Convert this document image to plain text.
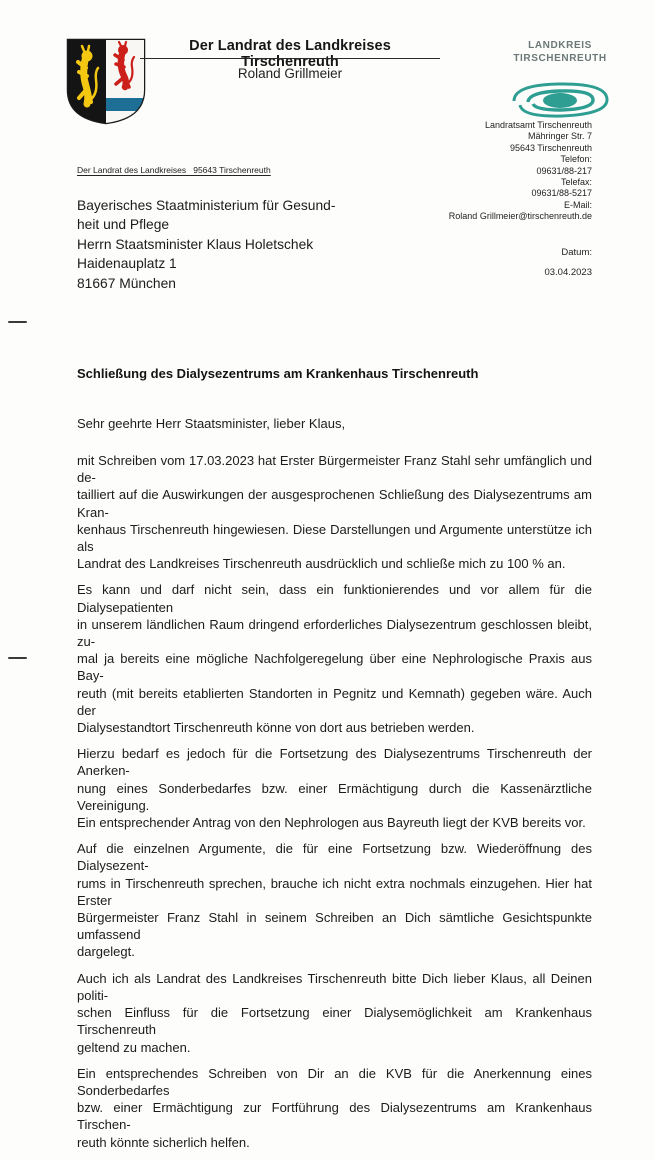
Der Landrat des Landkreises Tirschenreuth
Roland Grillmeier
LANDKREIS
TIRSCHENREUTH
Landratsamt Tirschenreuth
Mähringer Str. 7
95643 Tirschenreuth
Telefon:
09631/88-217
Telefax:
09631/88-5217
E-Mail:
Roland Grillmeier@tirschenreuth.de
Datum:
03.04.2023
Der Landrat des Landkreises   95643 Tirschenreuth
Bayerisches Staatministerium für Gesund-
heit und Pflege
Herrn Staatsminister Klaus Holetschek
Haidenauplatz 1
81667 München
Schließung des Dialysezentrums am Krankenhaus Tirschenreuth
Sehr geehrte Herr Staatsminister, lieber Klaus,
mit Schreiben vom 17.03.2023 hat Erster Bürgermeister Franz Stahl sehr umfänglich und de-
tailliert auf die Auswirkungen der ausgesprochenen Schließung des Dialysezentrums am Kran-
kenhaus Tirschenreuth hingewiesen. Diese Darstellungen und Argumente unterstütze ich als
Landrat des Landkreises Tirschenreuth ausdrücklich und schließe mich zu 100 % an.
Es kann und darf nicht sein, dass ein funktionierendes und vor allem für die Dialysepatienten
in unserem ländlichen Raum dringend erforderliches Dialysezentrum geschlossen bleibt, zu-
mal ja bereits eine mögliche Nachfolgeregelung über eine Nephrologische Praxis aus Bay-
reuth (mit bereits etablierten Standorten in Pegnitz und Kemnath) gegeben wäre. Auch der
Dialysestandtort Tirschenreuth könne von dort aus betrieben werden.
Hierzu bedarf es jedoch für die Fortsetzung des Dialysezentrums Tirschenreuth der Anerken-
nung eines Sonderbedarfes bzw. einer Ermächtigung durch die Kassenärztliche Vereinigung.
Ein entsprechender Antrag von den Nephrologen aus Bayreuth liegt der KVB bereits vor.
Auf die einzelnen Argumente, die für eine Fortsetzung bzw. Wiederöffnung des Dialysezent-
rums in Tirschenreuth sprechen, brauche ich nicht extra nochmals einzugehen. Hier hat Erster
Bürgermeister Franz Stahl in seinem Schreiben an Dich sämtliche Gesichtspunkte umfassend
dargelegt.
Auch ich als Landrat des Landkreises Tirschenreuth bitte Dich lieber Klaus, all Deinen politi-
schen Einfluss für die Fortsetzung einer Dialysemöglichkeit am Krankenhaus Tirschenreuth
geltend zu machen.
Ein entsprechendes Schreiben von Dir an die KVB für die Anerkennung eines Sonderbedarfes
bzw. einer Ermächtigung zur Fortführung des Dialysezentrums am Krankenhaus Tirschen-
reuth könnte sicherlich helfen.
